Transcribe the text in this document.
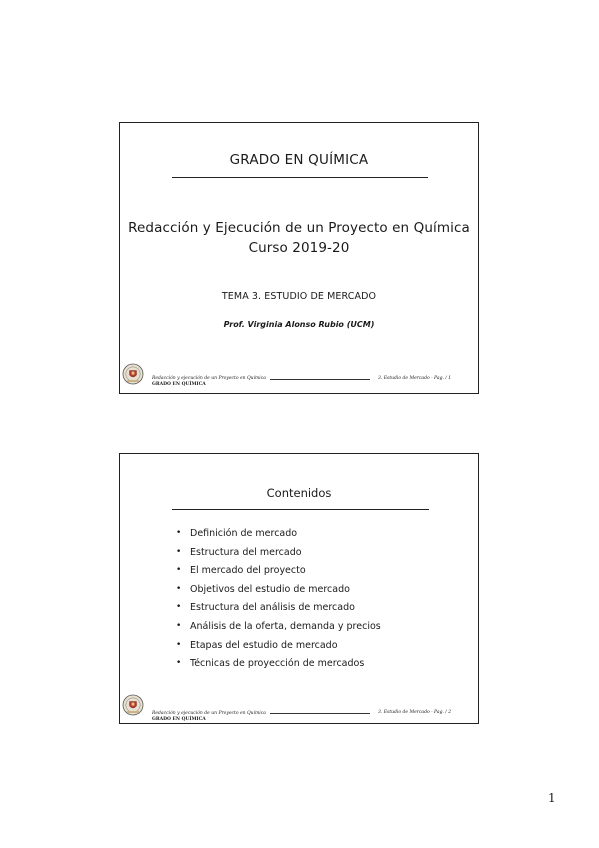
GRADO EN QUÍMICA
Redacción y Ejecución de un Proyecto en Química
Curso 2019-20
TEMA 3. ESTUDIO DE MERCADO
Prof. Virginia Alonso Rubio (UCM)
Redacción y ejecución de un Proyecto en Química
GRADO EN QUÍMICA
3. Estudio de Mercado - Pag. / 1
Contenidos
• Definición de mercado
• Estructura del mercado
• El mercado del proyecto
• Objetivos del estudio de mercado
• Estructura del análisis de mercado
• Análisis de la oferta, demanda y precios
• Etapas del estudio de mercado
• Técnicas de proyección de mercados
Redacción y ejecución de un Proyecto en Química
GRADO EN QUÍMICA
3. Estudio de Mercado - Pag. / 2
1
